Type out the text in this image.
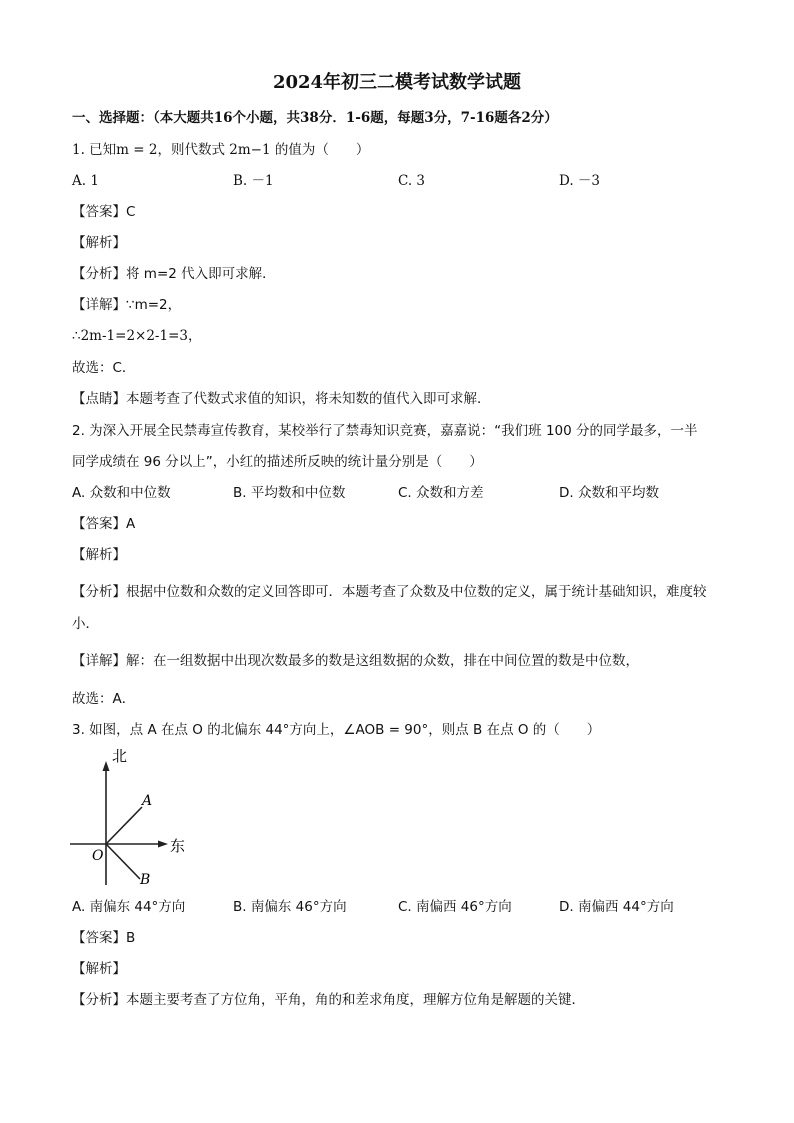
2024年初三二模考试数学试题
一、选择题：（本大题共16个小题，共38分．1-6题，每题3分，7-16题各2分）
1. 已知m = 2，则代数式 2m−1 的值为（　　）
A. 1	B. －1	C. 3	D. －3
【答案】C
【解析】
【分析】将 m=2 代入即可求解．
【详解】∵m=2，
∴2m-1=2×2-1=3，
故选：C．
【点睛】本题考查了代数式求值的知识，将未知数的值代入即可求解．
2. 为深入开展全民禁毒宣传教育，某校举行了禁毒知识竞赛，嘉嘉说：“我们班 100 分的同学最多，一半
同学成绩在 96 分以上”，小红的描述所反映的统计量分别是（　　）
A. 众数和中位数	B. 平均数和中位数	C. 众数和方差	D. 众数和平均数
【答案】A
【解析】
【分析】根据中位数和众数的定义回答即可．本题考查了众数及中位数的定义，属于统计基础知识，难度较小．
【详解】解：在一组数据中出现次数最多的数是这组数据的众数，排在中间位置的数是中位数，
故选：A．
3. 如图，点 A 在点 O 的北偏东 44°方向上，∠AOB = 90°，则点 B 在点 O 的（　　）
北
东
A
O
B
A. 南偏东 44°方向	B. 南偏东 46°方向	C. 南偏西 46°方向	D. 南偏西 44°方向
【答案】B
【解析】
【分析】本题主要考查了方位角，平角，角的和差求角度，理解方位角是解题的关键．
